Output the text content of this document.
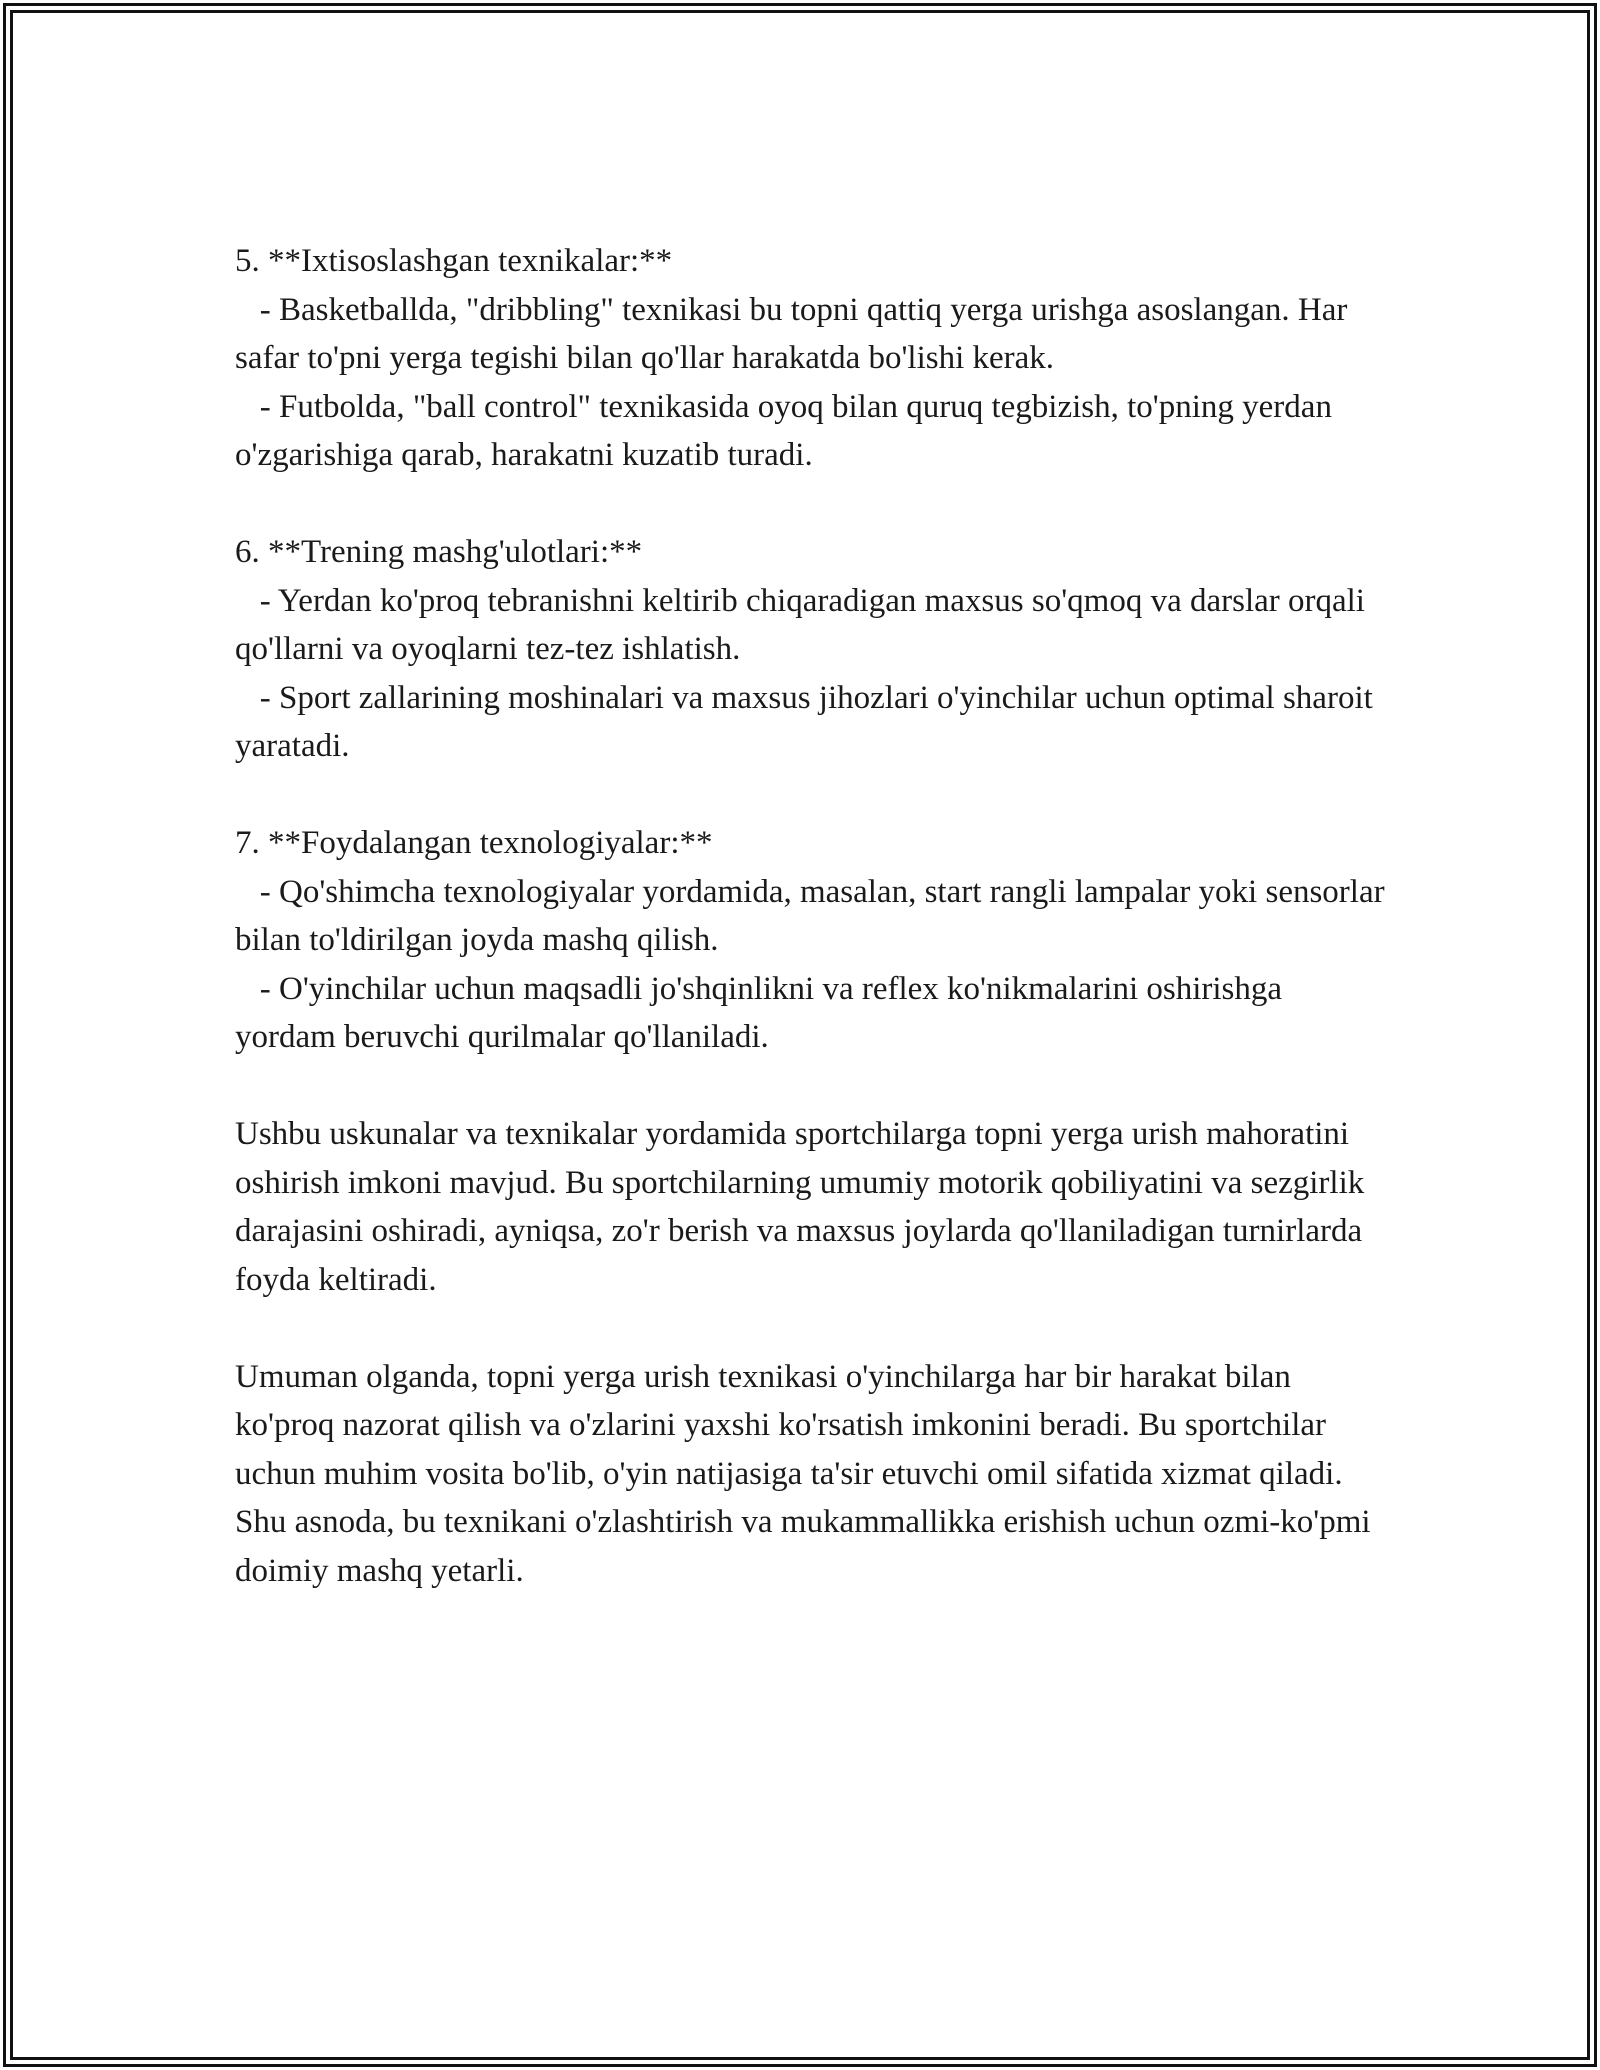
5. **Ixtisoslashgan texnikalar:**

- Basketballda, "dribbling" texnikasi bu topni qattiq yerga urishga asoslangan. Har safar to'pni yerga tegishi bilan qo'llar harakatda bo'lishi kerak.

- Futbolda, "ball control" texnikasida oyoq bilan quruq tegbizish, to'pning yerdan o'zgarishiga qarab, harakatni kuzatib turadi.

6. **Trening mashg'ulotlari:**

- Yerdan ko'proq tebranishni keltirib chiqaradigan maxsus so'qmoq va darslar orqali qo'llarni va oyoqlarni tez-tez ishlatish.

- Sport zallarining moshinalari va maxsus jihozlari o'yinchilar uchun optimal sharoit yaratadi.

7. **Foydalangan texnologiyalar:**

- Qo'shimcha texnologiyalar yordamida, masalan, start rangli lampalar yoki sensorlar bilan to'ldirilgan joyda mashq qilish.

- O'yinchilar uchun maqsadli jo'shqinlikni va reflex ko'nikmalarini oshirishga yordam beruvchi qurilmalar qo'llaniladi.

Ushbu uskunalar va texnikalar yordamida sportchilarga topni yerga urish mahoratini oshirish imkoni mavjud. Bu sportchilarning umumiy motorik qobiliyatini va sezgirlik darajasini oshiradi, ayniqsa, zo'r berish va maxsus joylarda qo'llaniladigan turnirlarda foyda keltiradi.

Umuman olganda, topni yerga urish texnikasi o'yinchilarga har bir harakat bilan ko'proq nazorat qilish va o'zlarini yaxshi ko'rsatish imkonini beradi. Bu sportchilar uchun muhim vosita bo'lib, o'yin natijasiga ta'sir etuvchi omil sifatida xizmat qiladi. Shu asnoda, bu texnikani o'zlashtirish va mukammallikka erishish uchun ozmi-ko'pmi doimiy mashq yetarli.
